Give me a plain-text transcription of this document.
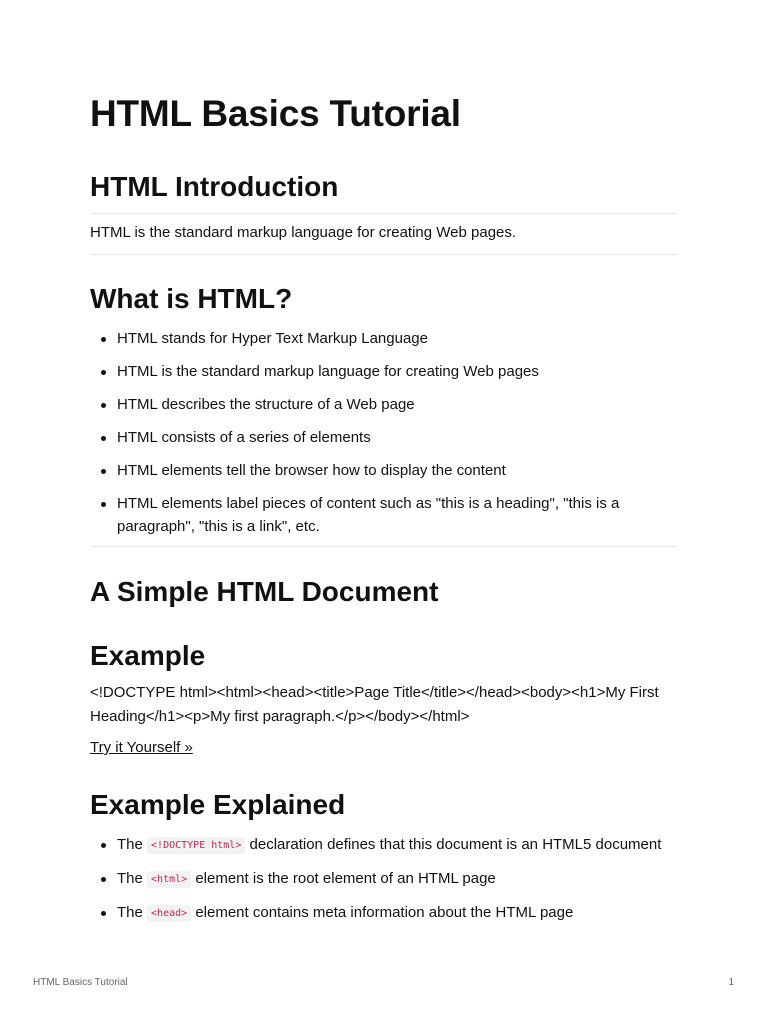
HTML Basics Tutorial
HTML Introduction
HTML is the standard markup language for creating Web pages.
What is HTML?
HTML stands for Hyper Text Markup Language
HTML is the standard markup language for creating Web pages
HTML describes the structure of a Web page
HTML consists of a series of elements
HTML elements tell the browser how to display the content
HTML elements label pieces of content such as "this is a heading", "this is a paragraph", "this is a link", etc.
A Simple HTML Document
Example
<!DOCTYPE html><html><head><title>Page Title</title></head><body><h1>My First Heading</h1><p>My first paragraph.</p></body></html>
Try it Yourself »
Example Explained
The <!DOCTYPE html> declaration defines that this document is an HTML5 document
The <html> element is the root element of an HTML page
The <head> element contains meta information about the HTML page
HTML Basics Tutorial	1
